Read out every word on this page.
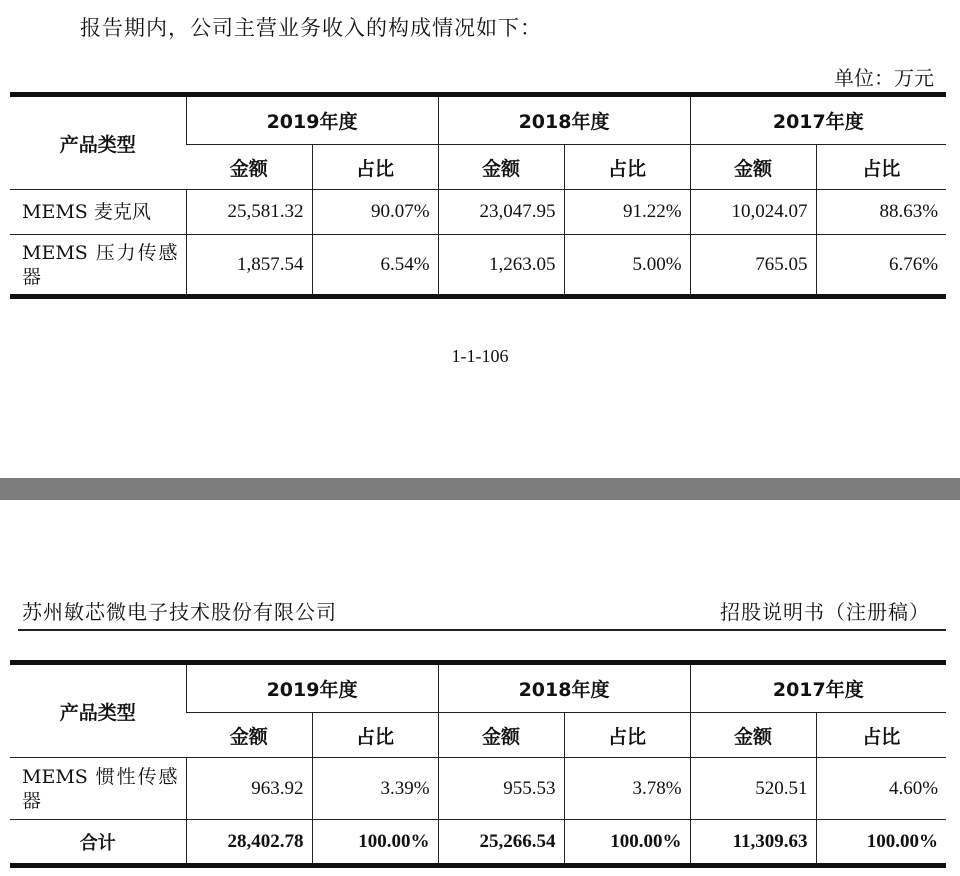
报告期内，公司主营业务收入的构成情况如下：
单位：万元
产品类型	2019年度		2018年度		2017年度	
	金额	占比	金额	占比	金额	占比
MEMS 麦克风	25,581.32	90.07%	23,047.95	91.22%	10,024.07	88.63%
MEMS 压力传感器	1,857.54	6.54%	1,263.05	5.00%	765.05	6.76%
1-1-106
苏州敏芯微电子技术股份有限公司	招股说明书（注册稿）
产品类型	2019年度		2018年度		2017年度	
	金额	占比	金额	占比	金额	占比
MEMS 惯性传感器	963.92	3.39%	955.53	3.78%	520.51	4.60%
合计	28,402.78	100.00%	25,266.54	100.00%	11,309.63	100.00%
